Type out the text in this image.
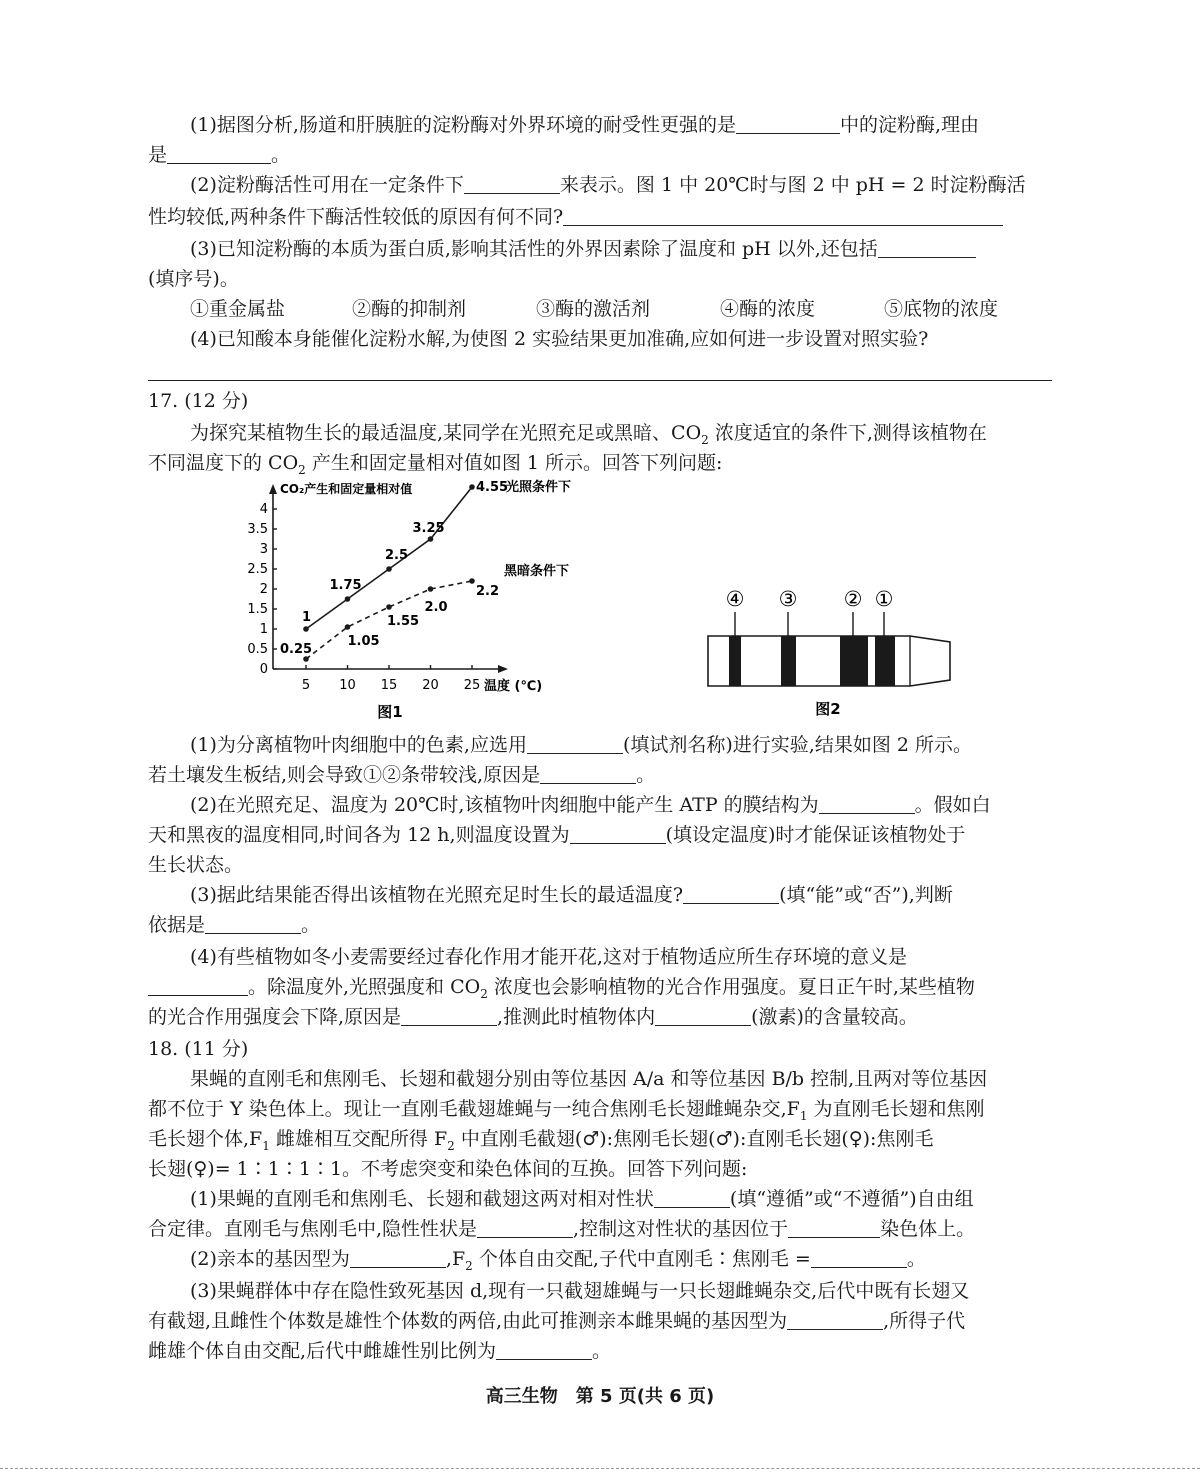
(1)据图分析,肠道和肝胰脏的淀粉酶对外界环境的耐受性更强的是	中的淀粉酶,理由
是	。
(2)淀粉酶活性可用在一定条件下	来表示。图 1 中 20℃时与图 2 中 pH = 2 时淀粉酶活
性均较低,两种条件下酶活性较低的原因有何不同?
(3)已知淀粉酶的本质为蛋白质,影响其活性的外界因素除了温度和 pH 以外,还包括
(填序号)。
①重金属盐	②酶的抑制剂	③酶的激活剂	④酶的浓度	⑤底物的浓度
(4)已知酸本身能催化淀粉水解,为使图 2 实验结果更加准确,应如何进一步设置对照实验?
17. (12 分)
为探究某植物生长的最适温度,某同学在光照充足或黑暗、$CO_2$ 浓度适宜的条件下,测得该植物在
不同温度下的 $CO_2$ 产生和固定量相对值如图 1 所示。回答下列问题:
CO₂产生和固定量相对值
温度 (℃)
0
0.5
1
1.5
2
2.5
3
3.5
4
5 10 15 20 25
1
1.75
2.5
3.25
4.55
光照条件下
0.25
1.05
1.55
2.0
2.2
黑暗条件下
图1
④ ③ ② ①
图2
(1)为分离植物叶肉细胞中的色素,应选用	(填试剂名称)进行实验,结果如图 2 所示。
若土壤发生板结,则会导致①②条带较浅,原因是	。
(2)在光照充足、温度为 20℃时,该植物叶肉细胞中能产生 ATP 的膜结构为	。假如白
天和黑夜的温度相同,时间各为 12 h,则温度设置为	(填设定温度)时才能保证该植物处于
生长状态。
(3)据此结果能否得出该植物在光照充足时生长的最适温度?	(填“能”或“否”),判断
依据是	。
(4)有些植物如冬小麦需要经过春化作用才能开花,这对于植物适应所生存环境的意义是
。除温度外,光照强度和 $CO_2$ 浓度也会影响植物的光合作用强度。夏日正午时,某些植物
的光合作用强度会下降,原因是	,推测此时植物体内	(激素)的含量较高。
18. (11 分)
果蝇的直刚毛和焦刚毛、长翅和截翅分别由等位基因 A/a 和等位基因 B/b 控制,且两对等位基因
都不位于 Y 染色体上。现让一直刚毛截翅雄蝇与一纯合焦刚毛长翅雌蝇杂交$,F_1$ 为直刚毛长翅和焦刚
毛长翅个体$,F_1$ 雌雄相互交配所得 $F_2$ 中直刚毛截翅(♂):焦刚毛长翅(♂):直刚毛长翅(♀):焦刚毛
长翅(♀)= 1∶1∶1∶1。不考虑突变和染色体间的互换。回答下列问题:
(1)果蝇的直刚毛和焦刚毛、长翅和截翅这两对相对性状	(填“遵循”或“不遵循”)自由组
合定律。直刚毛与焦刚毛中,隐性性状是	,控制这对性状的基因位于	染色体上。
(2)亲本的基因型为	$,F_2$ 个体自由交配,子代中直刚毛∶焦刚毛 =	。
(3)果蝇群体中存在隐性致死基因 d,现有一只截翅雄蝇与一只长翅雌蝇杂交,后代中既有长翅又
有截翅,且雌性个体数是雄性个体数的两倍,由此可推测亲本雌果蝇的基因型为	,所得子代
雌雄个体自由交配,后代中雌雄性别比例为	。
高三生物　第 5 页(共 6 页)
